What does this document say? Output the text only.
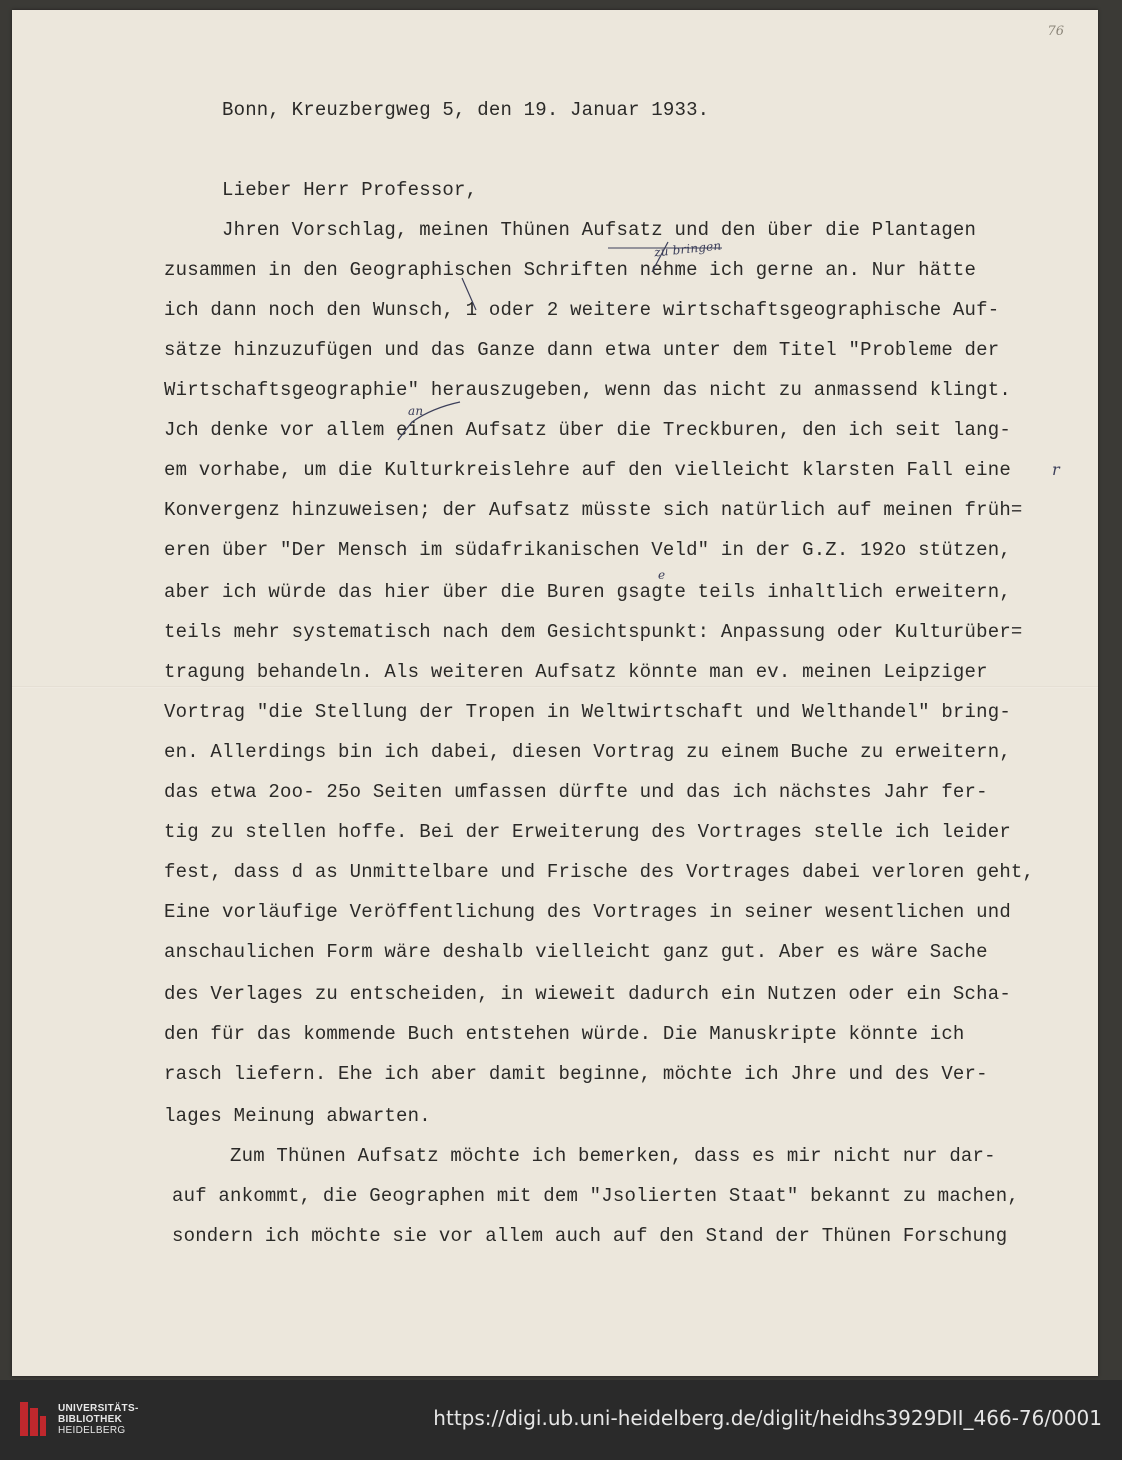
76
Bonn, Kreuzbergweg 5, den 19. Januar 1933.
Lieber Herr Professor,
Jhren Vorschlag, meinen Thünen Aufsatz und den über die Plantagen
zusammen in den Geographischen Schriften nehme ich gerne an. Nur hätte
ich dann noch den Wunsch, 1 oder 2 weitere wirtschaftsgeographische Auf-
sätze hinzuzufügen und das Ganze dann etwa unter dem Titel "Probleme der
Wirtschaftsgeographie" herauszugeben, wenn das nicht zu anmassend klingt.
Jch denke vor allem einen Aufsatz über die Treckburen, den ich seit lang-
em vorhabe, um die Kulturkreislehre auf den vielleicht klarsten Fall eine
Konvergenz hinzuweisen; der Aufsatz müsste sich natürlich auf meinen früh=
eren über "Der Mensch im südafrikanischen Veld" in der G.Z. 192o stützen,
aber ich würde das hier über die Buren gsagte teils inhaltlich erweitern,
teils mehr systematisch nach dem Gesichtspunkt: Anpassung oder Kulturüber=
tragung behandeln. Als weiteren Aufsatz könnte man ev. meinen Leipziger
Vortrag "die Stellung der Tropen in Weltwirtschaft und Welthandel" bring-
en. Allerdings bin ich dabei, diesen Vortrag zu einem Buche zu erweitern,
das etwa 2oo- 25o Seiten umfassen dürfte und das ich nächstes Jahr fer-
tig zu stellen hoffe. Bei der Erweiterung des Vortrages stelle ich leider
fest, dass d as Unmittelbare und Frische des Vortrages dabei verloren geht,
Eine vorläufige Veröffentlichung des Vortrages in seiner wesentlichen und
anschaulichen Form wäre deshalb vielleicht ganz gut. Aber es wäre Sache
des Verlages zu entscheiden, in wieweit dadurch ein Nutzen oder ein Scha-
den für das kommende Buch entstehen würde. Die Manuskripte könnte ich
rasch liefern. Ehe ich aber damit beginne, möchte ich Jhre und des Ver-
lages Meinung abwarten.
Zum Thünen Aufsatz möchte ich bemerken, dass es mir nicht nur dar-
auf ankommt, die Geographen mit dem "Jsolierten Staat" bekannt zu machen,
sondern ich möchte sie vor allem auch auf den Stand der Thünen Forschung
zu bringen
an
e
r
UNIVERSITÄTS-
BIBLIOTHEK
HEIDELBERG	https://digi.ub.uni-heidelberg.de/diglit/heidhs3929DII_466-76/0001
